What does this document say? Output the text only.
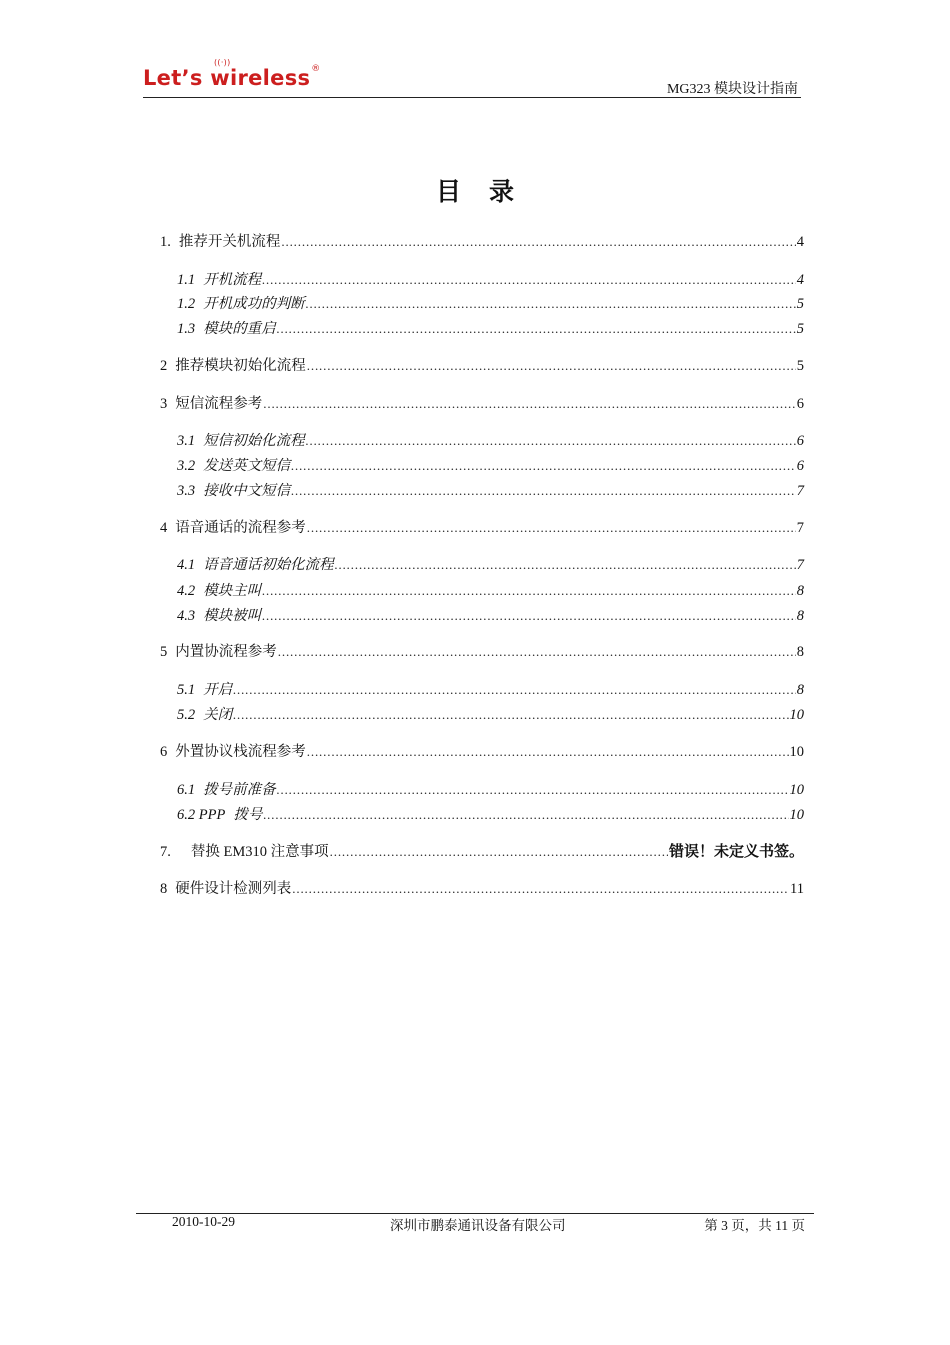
Let’s wireless®
((·))
MG323 模块设计指南
目录
1. 推荐开关机流程 . . .	4
1.1 开机流程 . . .	4
1.2 开机成功的判断 . . .	5
1.3 模块的重启 . . .	5
2 推荐模块初始化流程 . . .	5
3 短信流程参考 . . .	6
3.1 短信初始化流程 . . .	6
3.2 发送英文短信 . . .	6
3.3 接收中文短信 . . .	7
4 语音通话的流程参考 . . .	7
4.1 语音通话初始化流程 . . .	7
4.2 模块主叫 . . .	8
4.3 模块被叫 . . .	8
5 内置协流程参考 . . .	8
5.1 开启 . . .	8
5.2 关闭 . . .	10
6 外置协议栈流程参考 . . .	10
6.1 拨号前准备 . . .	10
6.2 PPP 拨号 . . .	10
7. 替换 EM310 注意事项 . . .	错误！未定义书签。
8 硬件设计检测列表 . . .	11
2010-10-29	深圳市鹏泰通讯设备有限公司	第 3 页，共 11 页
